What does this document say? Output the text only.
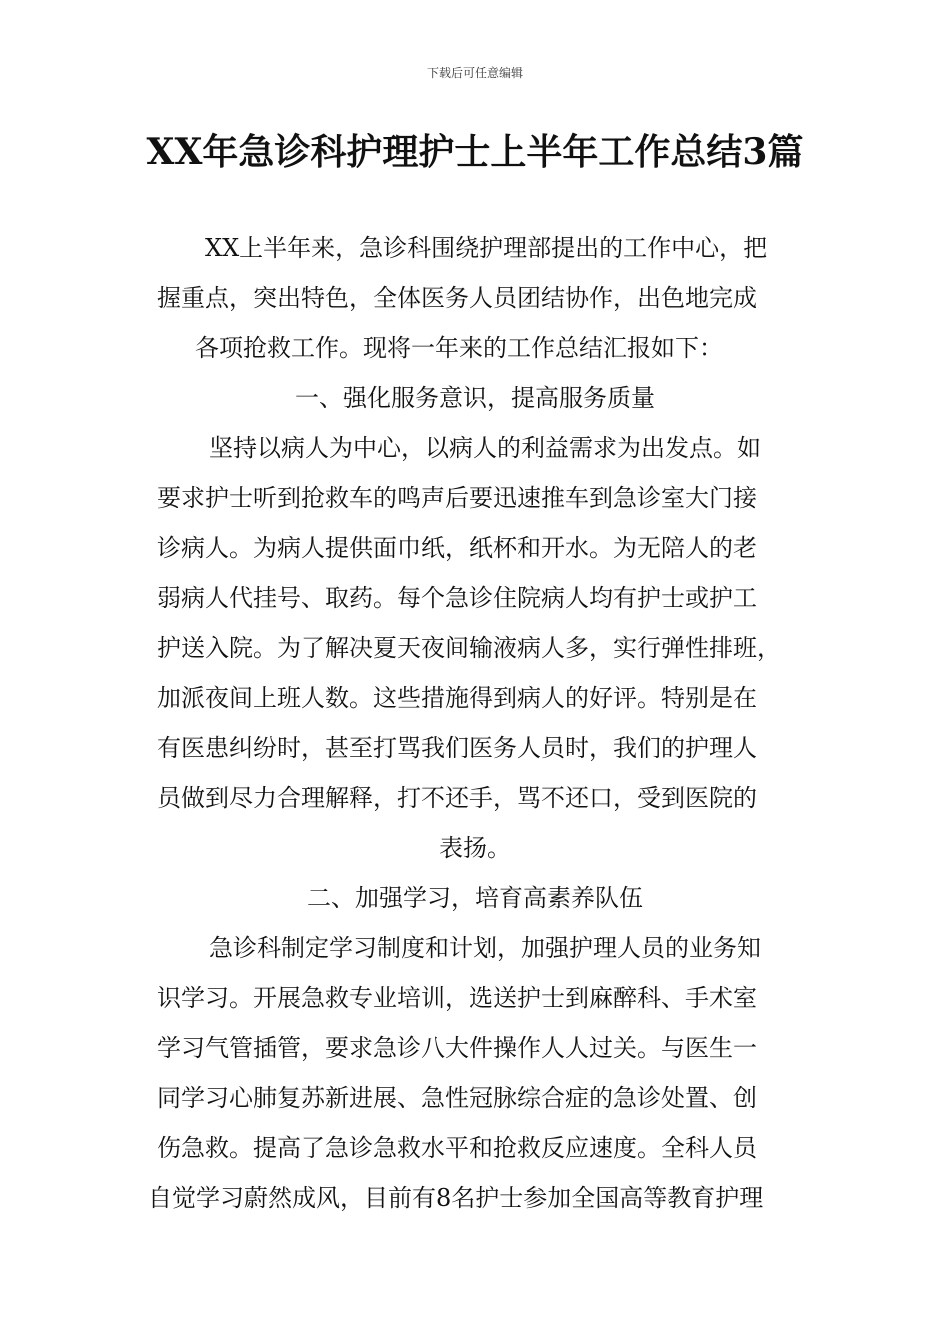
下载后可任意编辑
XX年急诊科护理护士上半年工作总结3篇
XX上半年来，急诊科围绕护理部提出的工作中心，把
握重点，突出特色，全体医务人员团结协作，出色地完成
各项抢救工作。现将一年来的工作总结汇报如下：
一、强化服务意识，提高服务质量
坚持以病人为中心，以病人的利益需求为出发点。如
要求护士听到抢救车的鸣声后要迅速推车到急诊室大门接
诊病人。为病人提供面巾纸，纸杯和开水。为无陪人的老
弱病人代挂号、取药。每个急诊住院病人均有护士或护工
护送入院。为了解决夏天夜间输液病人多，实行弹性排班，
加派夜间上班人数。这些措施得到病人的好评。特别是在
有医患纠纷时，甚至打骂我们医务人员时，我们的护理人
员做到尽力合理解释，打不还手，骂不还口，受到医院的
表扬。
二、加强学习，培育高素养队伍
急诊科制定学习制度和计划，加强护理人员的业务知
识学习。开展急救专业培训，选送护士到麻醉科、手术室
学习气管插管，要求急诊八大件操作人人过关。与医生一
同学习心肺复苏新进展、急性冠脉综合症的急诊处置、创
伤急救。提高了急诊急救水平和抢救反应速度。全科人员
自觉学习蔚然成风，目前有8名护士参加全国高等教育护理
